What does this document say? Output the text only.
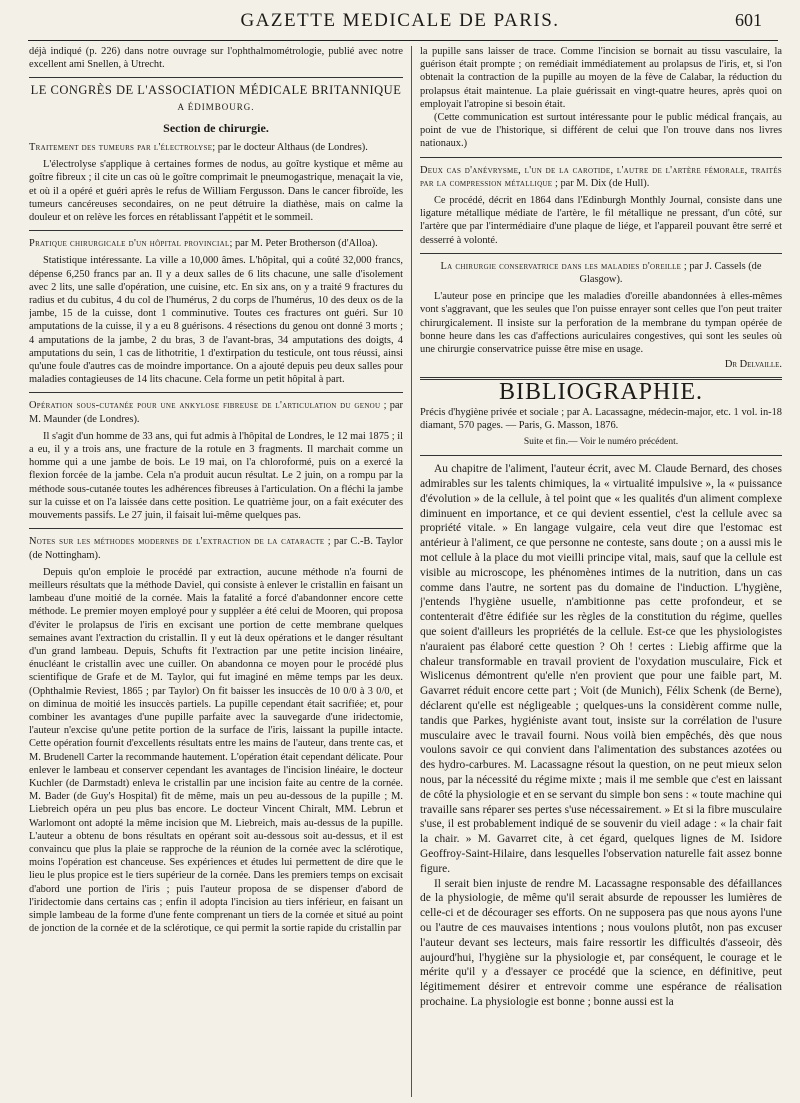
GAZETTE MEDICALE DE PARIS.	601

déjà indiqué (p. 226) dans notre ouvrage sur l'ophthalmométrologie, publié avec notre excellent ami Snellen, à Utrecht.

LE CONGRÈS DE L'ASSOCIATION MÉDICALE BRITANNIQUE
A ÉDIMBOURG.
Section de chirurgie.

Traitement des tumeurs par l'électrolyse; par le docteur Althaus (de Londres).

L'électrolyse s'applique à certaines formes de nodus, au goître kystique et même au goître fibreux ; il cite un cas où le goître comprimait le pneumogastrique, menaçait la vie, et où il a opéré et guéri après le refus de William Fergusson. Dans le cancer fibroïde, les tumeurs cancéreuses secondaires, on ne peut détruire la diathèse, mais on calme la douleur et on relève les forces en rétablissant l'appétit et le sommeil.

Pratique chirurgicale d'un hôpital provincial; par M. Peter Brotherson (d'Alloa).

Statistique intéressante. La ville a 10,000 âmes. L'hôpital, qui a coûté 32,000 francs, dépense 6,250 francs par an. Il y a deux salles de 6 lits chacune, une salle d'isolement avec 2 lits, une salle d'opération, une cuisine, etc. En six ans, on y a traité 9 fractures du radius et du cubitus, 4 du col de l'humérus, 2 du corps de l'humérus, 10 des deux os de la jambe, 15 de la cuisse, dont 1 comminutive. Toutes ces fractures ont guéri. Sur 10 amputations de la cuisse, il y a eu 8 guérisons. 4 résections du genou ont donné 3 morts ; 4 amputations de la jambe, 2 du bras, 3 de l'avant-bras, 34 amputations des doigts, 4 amputations du sein, 1 cas de lithotritie, 1 d'extirpation du testicule, ont tous réussi, ainsi qu'une foule d'autres cas de moindre importance. On a ajouté depuis peu deux salles pour maladies contagieuses de 14 lits chacune. Cela forme un petit hôpital à part.

Opération sous-cutanée pour une ankylose fibreuse de l'articulation du genou ; par M. Maunder (de Londres).

Il s'agit d'un homme de 33 ans, qui fut admis à l'hôpital de Londres, le 12 mai 1875 ; il a eu, il y a trois ans, une fracture de la rotule en 3 fragments. Il marchait comme un homme qui a une jambe de bois. Le 19 mai, on l'a chloroformé, puis on a exercé la flexion forcée de la jambe. Cela n'a produit aucun résultat. Le 2 juin, on a rompu par la méthode sous-cutanée toutes les adhérences fibreuses à l'articulation. On a fléchi la jambe sur la cuisse et on l'a laissée dans cette position. Le quatrième jour, on a fait exécuter des mouvements passifs. Le 27 juin, il faisait lui-même quelques pas.

Notes sur les méthodes modernes de l'extraction de la cataracte ; par C.-B. Taylor (de Nottingham).

Depuis qu'on emploie le procédé par extraction, aucune méthode n'a fourni de meilleurs résultats que la méthode Daviel, qui consiste à enlever le cristallin en faisant un lambeau d'une moitié de la cornée. Mais la fatalité a forcé d'abandonner encore cette méthode. Le premier moyen employé pour y suppléer a été celui de Mooren, qui proposa d'éviter le prolapsus de l'iris en excisant une portion de cette membrane quelques semaines avant l'extraction du cristallin. Il y eut là deux opérations et le danger résultant d'un grand lambeau. Depuis, Schufts fit l'extraction par une petite incision linéaire, énucléant le cristallin avec une cuiller. On abandonna ce moyen pour le procédé plus scientifique de Grafe et de M. Taylor, qui fut imaginé en même temps par les deux. (Ophthalmie Reviest, 1865 ; par Taylor) On fit baisser les insuccès de 10 0/0 à 3 0/0, et on diminua de moitié les insuccès partiels. La pupille cependant était sacrifiée; et, pour combiner les avantages d'une pupille parfaite avec la sauvegarde d'une iridectomie, l'auteur n'excise qu'une petite portion de la surface de l'iris, laissant la pupille intacte. Cette opération fournit d'excellents résultats entre les mains de l'auteur, dans trente cas, et M. Brudenell Carter la recommande hautement. L'opération était cependant délicate. Pour enlever le lambeau et conserver cependant les avantages de l'incision linéaire, le docteur Kuchler (de Darmstadt) enleva le cristallin par une incision faite au centre de la cornée. M. Bader (de Guy's Hospital) fit de même, mais un peu au-dessous de la pupille ; M. Liebreich opéra un peu plus bas encore. Le docteur Vincent Chiralt, MM. Lebrun et Warlomont ont adopté la même incision que M. Liebreich, mais au-dessus de la pupille. L'auteur a obtenu de bons résultats en opérant soit au-dessous soit au-dessus, et il est convaincu que plus la plaie se rapproche de la réunion de la cornée avec la sclérotique, moins l'opération est chanceuse. Ses expériences et études lui permettent de dire que le lieu le plus propice est le tiers supérieur de la cornée. Dans les premiers temps on excisait d'abord une portion de l'iris ; puis l'auteur proposa de se dispenser d'abord de l'iridectomie dans certains cas ; enfin il adopta l'incision au tiers inférieur, en faisant un simple lambeau de la forme d'une fente comprenant un tiers de la cornée et situé au point de jonction de la cornée et de la sclérotique, ce qui permit la sortie rapide du cristallin par

la pupille sans laisser de trace. Comme l'incision se bornait au tissu vasculaire, la guérison était prompte ; on remédiait immédiatement au prolapsus de l'iris, et, si l'on obtenait la contraction de la pupille au moyen de la fève de Calabar, la réduction du prolapsus était maintenue. La plaie guérissait en vingt-quatre heures, après quoi on employait l'atropine si besoin était.

(Cette communication est surtout intéressante pour le public médical français, au point de vue de l'historique, si différent de celui que l'on trouve dans nos livres nationaux.)

Deux cas d'anévrysme, l'un de la carotide, l'autre de l'artère fémorale, traités par la compression métallique ; par M. Dix (de Hull).

Ce procédé, décrit en 1864 dans l'Edinburgh Monthly Journal, consiste dans une ligature métallique médiate de l'artère, le fil métallique ne pressant, d'un côté, sur l'artère que par l'intermédiaire d'une plaque de liége, et l'appareil pouvant être serré et desserré à volonté.

La chirurgie conservatrice dans les maladies d'oreille ; par J. Cassels (de Glasgow).

L'auteur pose en principe que les maladies d'oreille abandonnées à elles-mêmes vont s'aggravant, que les seules que l'on puisse enrayer sont celles que l'on peut traiter chirurgicalement. Il insiste sur la perforation de la membrane du tympan opérée de bonne heure dans les cas d'affections auriculaires congestives, qui sont les seules où une chirurgie conservatrice puisse être mise en usage.

Dr Delvaille.

BIBLIOGRAPHIE.

Précis d'hygiène privée et sociale ; par A. Lacassagne, médecin-major, etc. 1 vol. in-18 diamant, 570 pages. — Paris, G. Masson, 1876.

Suite et fin.— Voir le numéro précédent.

Au chapitre de l'aliment, l'auteur écrit, avec M. Claude Bernard, des choses admirables sur les talents chimiques, la « virtualité impulsive », la « puissance d'évolution » de la cellule, à tel point que « les qualités d'un aliment complexe diminuent en importance, et ce qui devient essentiel, c'est la cellule avec sa propriété vitale. » En langage vulgaire, cela veut dire que l'estomac est antérieur à l'aliment, ce que personne ne conteste, sans doute ; on a aussi mis le mot cellule à la place du mot vieilli principe vital, mais, sauf que la cellule est visible au microscope, les phénomènes intimes de la nutrition, dans un cas comme dans l'autre, ne sortent pas du domaine de l'induction. L'hygiène, j'entends l'hygiène usuelle, n'ambitionne pas cette profondeur, et se contenterait d'être édifiée sur les règles de la constitution du régime, quelles que soient d'ailleurs les propriétés de la cellule. Est-ce que les physiologistes n'auraient pas élaboré cette question ? Oh ! certes : Liebig affirme que la chaleur transformable en travail provient de l'oxydation musculaire, Fick et Wislicenus démontrent qu'elle n'en provient que pour une faible part, M. Gavarret réduit encore cette part ; Voit (de Munich), Félix Schenk (de Berne), déclarent qu'elle est négligeable ; quelques-uns la considèrent comme nulle, tandis que Parkes, hygiéniste avant tout, insiste sur la corrélation de l'usure musculaire avec le travail fourni. Nous voilà bien empêchés, dès que nous voulons savoir ce qui convient dans l'alimentation des substances azotées ou des hydro-carbures. M. Lacassagne résout la question, on ne peut mieux selon nous, par la nécessité du régime mixte ; mais il me semble que c'est en laissant de côté la physiologie et en se servant du simple bon sens : « toute machine qui travaille sans réparer ses pertes s'use nécessairement. » Et si la fibre musculaire s'use, il est probablement indiqué de se souvenir du vieil adage : « la chair fait la chair. » M. Gavarret cite, à cet égard, quelques lignes de M. Isidore Geoffroy-Saint-Hilaire, dans lesquelles l'observation naturelle fait assez bonne figure.

Il serait bien injuste de rendre M. Lacassagne responsable des défaillances de la physiologie, de même qu'il serait absurde de repousser les lumières de celle-ci et de décourager ses efforts. On ne supposera pas que nous ayons l'une ou l'autre de ces mauvaises intentions ; nous voulons plutôt, non pas excuser l'auteur devant ses lecteurs, mais faire ressortir les difficultés d'asseoir, dès aujourd'hui, l'hygiène sur la physiologie et, par conséquent, le courage et le mérite qu'il y a d'essayer ce procédé que la science, en définitive, peut légitimement désirer et entrevoir comme une espérance de réalisation prochaine. La physiologie est bonne ; bonne aussi est la
